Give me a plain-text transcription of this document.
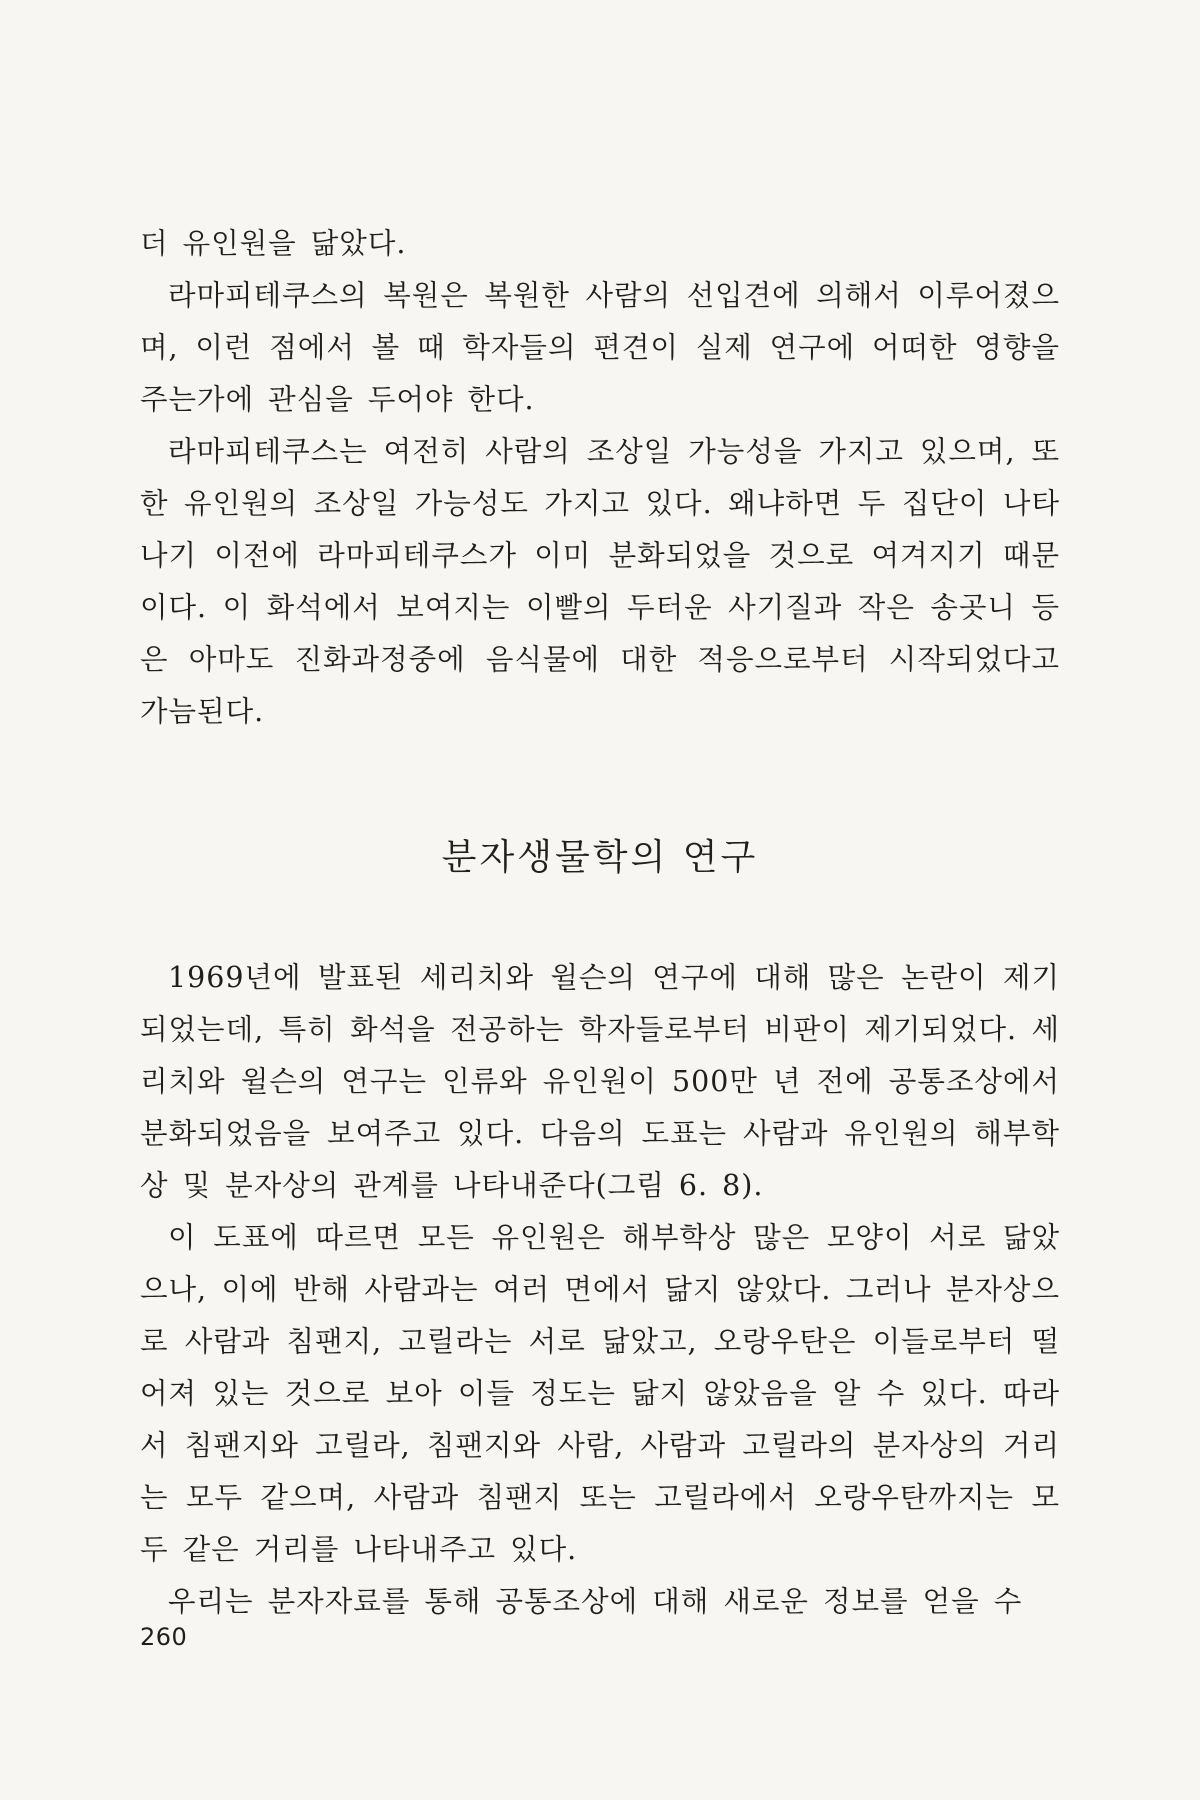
더 유인원을 닮았다.

라마피테쿠스의 복원은 복원한 사람의 선입견에 의해서 이루어졌으며, 이런 점에서 볼 때 학자들의 편견이 실제 연구에 어떠한 영향을 주는가에 관심을 두어야 한다.

라마피테쿠스는 여전히 사람의 조상일 가능성을 가지고 있으며, 또한 유인원의 조상일 가능성도 가지고 있다. 왜냐하면 두 집단이 나타나기 이전에 라마피테쿠스가 이미 분화되었을 것으로 여겨지기 때문이다. 이 화석에서 보여지는 이빨의 두터운 사기질과 작은 송곳니 등은 아마도 진화과정중에 음식물에 대한 적응으로부터 시작되었다고 가늠된다.

분자생물학의 연구

1969년에 발표된 세리치와 윌슨의 연구에 대해 많은 논란이 제기되었는데, 특히 화석을 전공하는 학자들로부터 비판이 제기되었다. 세리치와 윌슨의 연구는 인류와 유인원이 500만 년 전에 공통조상에서 분화되었음을 보여주고 있다. 다음의 도표는 사람과 유인원의 해부학상 및 분자상의 관계를 나타내준다(그림 6. 8).

이 도표에 따르면 모든 유인원은 해부학상 많은 모양이 서로 닮았으나, 이에 반해 사람과는 여러 면에서 닮지 않았다. 그러나 분자상으로 사람과 침팬지, 고릴라는 서로 닮았고, 오랑우탄은 이들로부터 떨어져 있는 것으로 보아 이들 정도는 닮지 않았음을 알 수 있다. 따라서 침팬지와 고릴라, 침팬지와 사람, 사람과 고릴라의 분자상의 거리는 모두 같으며, 사람과 침팬지 또는 고릴라에서 오랑우탄까지는 모두 같은 거리를 나타내주고 있다.

우리는 분자자료를 통해 공통조상에 대해 새로운 정보를 얻을 수

260
